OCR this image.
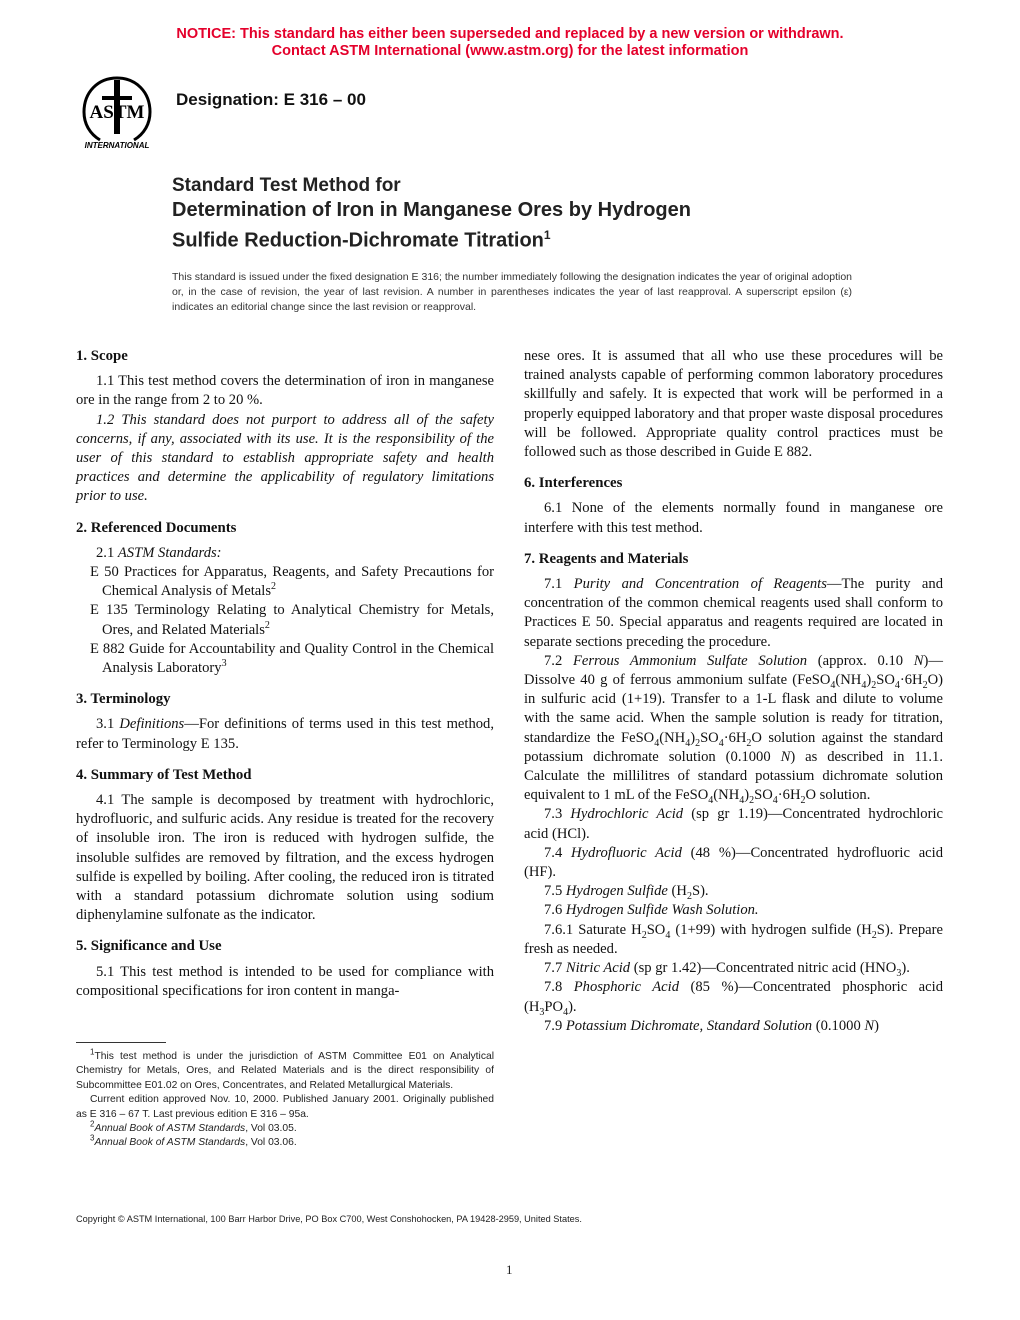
NOTICE: This standard has either been superseded and replaced by a new version or withdrawn.
Contact ASTM International (www.astm.org) for the latest information
ASTM
INTERNATIONAL
Designation: E 316 – 00
Standard Test Method for
Determination of Iron in Manganese Ores by Hydrogen
Sulfide Reduction-Dichromate Titration$^1$
This standard is issued under the fixed designation E 316; the number immediately following the designation indicates the year of original adoption or, in the case of revision, the year of last revision. A number in parentheses indicates the year of last reapproval. A superscript epsilon (ε) indicates an editorial change since the last revision or reapproval.
1. Scope

1.1 This test method covers the determination of iron in manganese ore in the range from 2 to 20 %.

1.2 This standard does not purport to address all of the safety concerns, if any, associated with its use. It is the responsibility of the user of this standard to establish appropriate safety and health practices and determine the applicability of regulatory limitations prior to use.

2. Referenced Documents

2.1 ASTM Standards:

E 50 Practices for Apparatus, Reagents, and Safety Precautions for Chemical Analysis of Metals$^2$

E 135 Terminology Relating to Analytical Chemistry for Metals, Ores, and Related Materials$^2$

E 882 Guide for Accountability and Quality Control in the Chemical Analysis Laboratory$^3$

3. Terminology

3.1 Definitions—For definitions of terms used in this test method, refer to Terminology E 135.

4. Summary of Test Method

4.1 The sample is decomposed by treatment with hydrochloric, hydrofluoric, and sulfuric acids. Any residue is treated for the recovery of insoluble iron. The iron is reduced with hydrogen sulfide, the insoluble sulfides are removed by filtration, and the excess hydrogen sulfide is expelled by boiling. After cooling, the reduced iron is titrated with a standard potassium dichromate solution using sodium diphenylamine sulfonate as the indicator.

5. Significance and Use

5.1 This test method is intended to be used for compliance with compositional specifications for iron content in manga-

$^1$This test method is under the jurisdiction of ASTM Committee E01 on Analytical Chemistry for Metals, Ores, and Related Materials and is the direct responsibility of Subcommittee E01.02 on Ores, Concentrates, and Related Metallurgical Materials.

Current edition approved Nov. 10, 2000. Published January 2001. Originally published as E 316 – 67 T. Last previous edition E 316 – 95a.

$^2$Annual Book of ASTM Standards, Vol 03.05.

$^3$Annual Book of ASTM Standards, Vol 03.06.

nese ores. It is assumed that all who use these procedures will be trained analysts capable of performing common laboratory procedures skillfully and safely. It is expected that work will be performed in a properly equipped laboratory and that proper waste disposal procedures will be followed. Appropriate quality control practices must be followed such as those described in Guide E 882.

6. Interferences

6.1 None of the elements normally found in manganese ore interfere with this test method.

7. Reagents and Materials

7.1 Purity and Concentration of Reagents—The purity and concentration of the common chemical reagents used shall conform to Practices E 50. Special apparatus and reagents required are located in separate sections preceding the procedure.

7.2 Ferrous Ammonium Sulfate Solution (approx. 0.10 N)—Dissolve 40 g of ferrous ammonium sulfate $(FeSO_4(NH_4)_2SO_4\cdot 6H_2O)$ in sulfuric acid (1+19). Transfer to a 1-L flask and dilute to volume with the same acid. When the sample solution is ready for titration, standardize the $FeSO_4(NH_4)_2SO_4\cdot 6H_2O$ solution against the standard potassium dichromate solution (0.1000 N) as described in 11.1. Calculate the millilitres of standard potassium dichromate solution equivalent to 1 mL of the $FeSO_4(NH_4)_2SO_4\cdot 6H_2O$ solution.

7.3 Hydrochloric Acid (sp gr 1.19)—Concentrated hydrochloric acid (HCl).

7.4 Hydrofluoric Acid (48 %)—Concentrated hydrofluoric acid (HF).

7.5 Hydrogen Sulfide $(H_2S)$.

7.6 Hydrogen Sulfide Wash Solution.

7.6.1 Saturate $H_2SO_4$ (1+99) with hydrogen sulfide $(H_2S)$. Prepare fresh as needed.

7.7 Nitric Acid (sp gr 1.42)—Concentrated nitric acid $(HNO_3)$.

7.8 Phosphoric Acid (85 %)—Concentrated phosphoric acid $(H_3PO_4)$.

7.9 Potassium Dichromate, Standard Solution (0.1000 N)

Copyright © ASTM International, 100 Barr Harbor Drive, PO Box C700, West Conshohocken, PA 19428-2959, United States.
1
